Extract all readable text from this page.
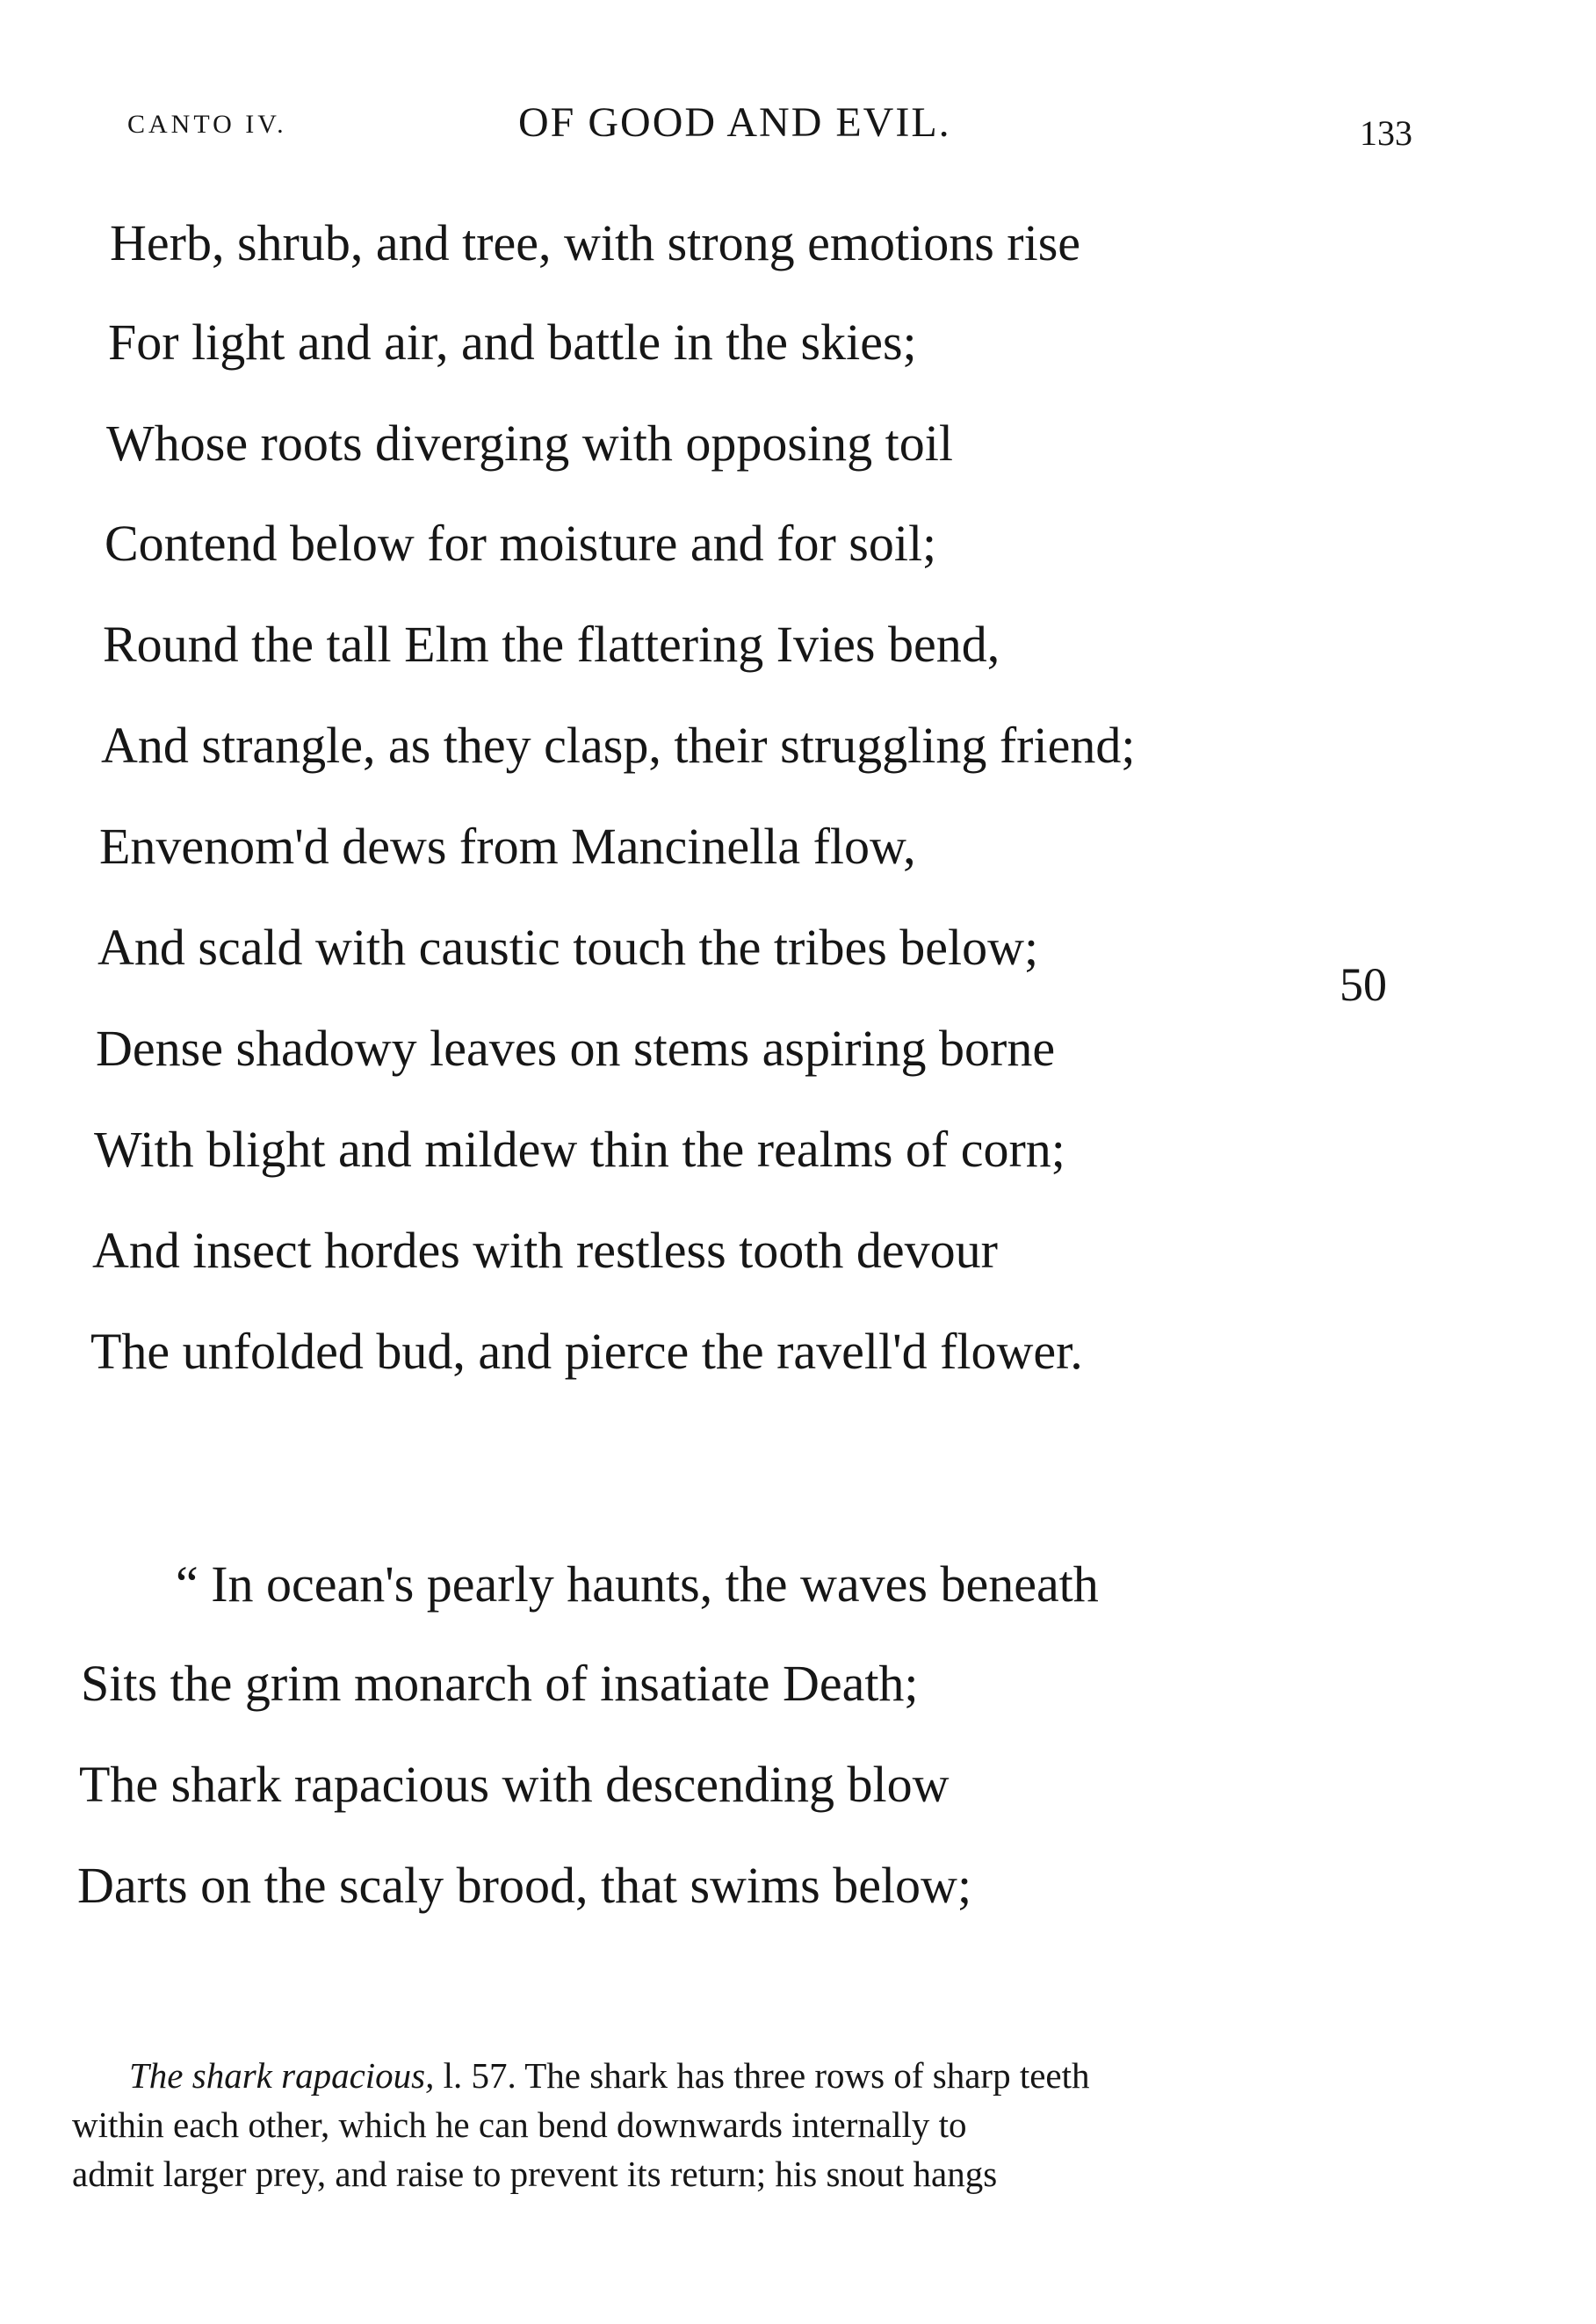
CANTO IV.	OF GOOD AND EVIL.	133
Herb, shrub, and tree, with strong emotions rise
For light and air, and battle in the skies;
Whose roots diverging with opposing toil
Contend below for moisture and for soil;
Round the tall Elm the flattering Ivies bend,
And strangle, as they clasp, their struggling friend;
Envenom'd dews from Mancinella flow,
And scald with caustic touch the tribes below;
Dense shadowy leaves on stems aspiring borne
With blight and mildew thin the realms of corn;
And insect hordes with restless tooth devour
The unfolded bud, and pierce the ravell'd flower.
50
“ In ocean's pearly haunts, the waves beneath
Sits the grim monarch of insatiate Death;
The shark rapacious with descending blow
Darts on the scaly brood, that swims below;
The shark rapacious, l. 57. The shark has three rows of sharp teeth
within each other, which he can bend downwards internally to
admit larger prey, and raise to prevent its return; his snout hangs
